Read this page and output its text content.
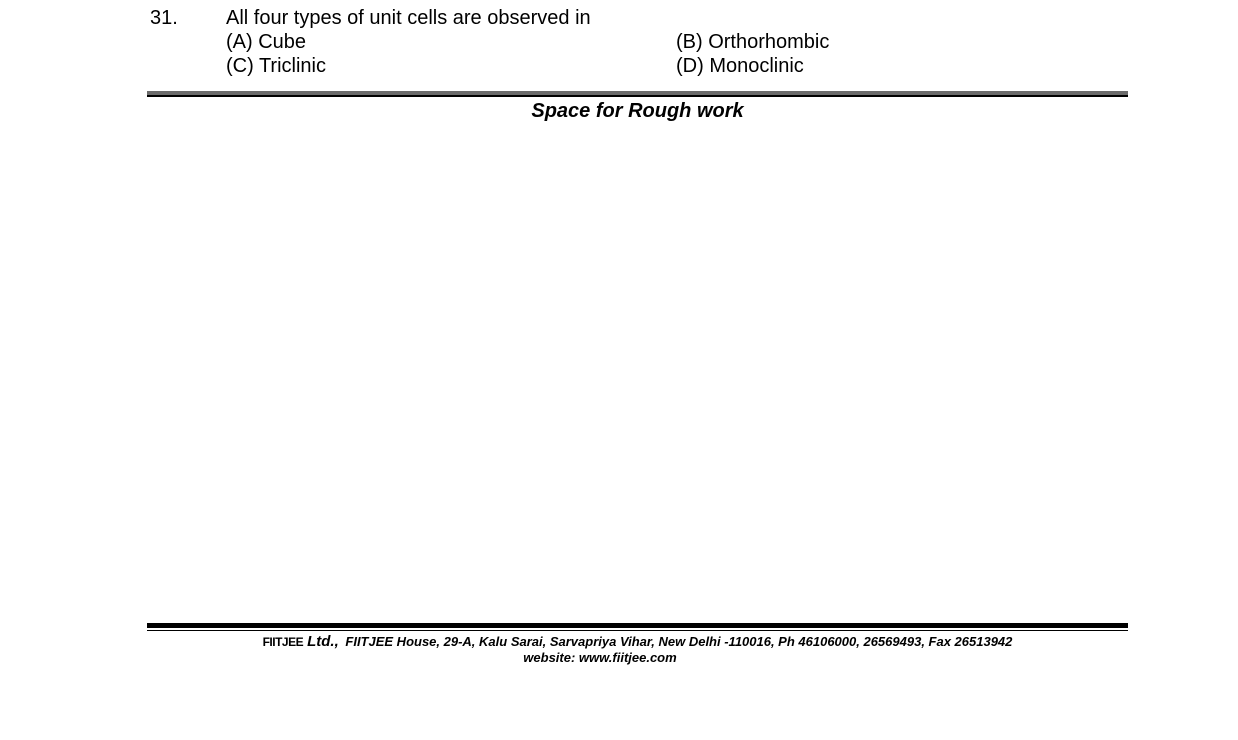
31. All four types of unit cells are observed in
(A) Cube	(B) Orthorhombic
(C) Triclinic	(D) Monoclinic
Space for Rough work
FIITJEE Ltd., FIITJEE House, 29-A, Kalu Sarai, Sarvapriya Vihar, New Delhi -110016, Ph 46106000, 26569493, Fax 26513942
website: www.fiitjee.com
